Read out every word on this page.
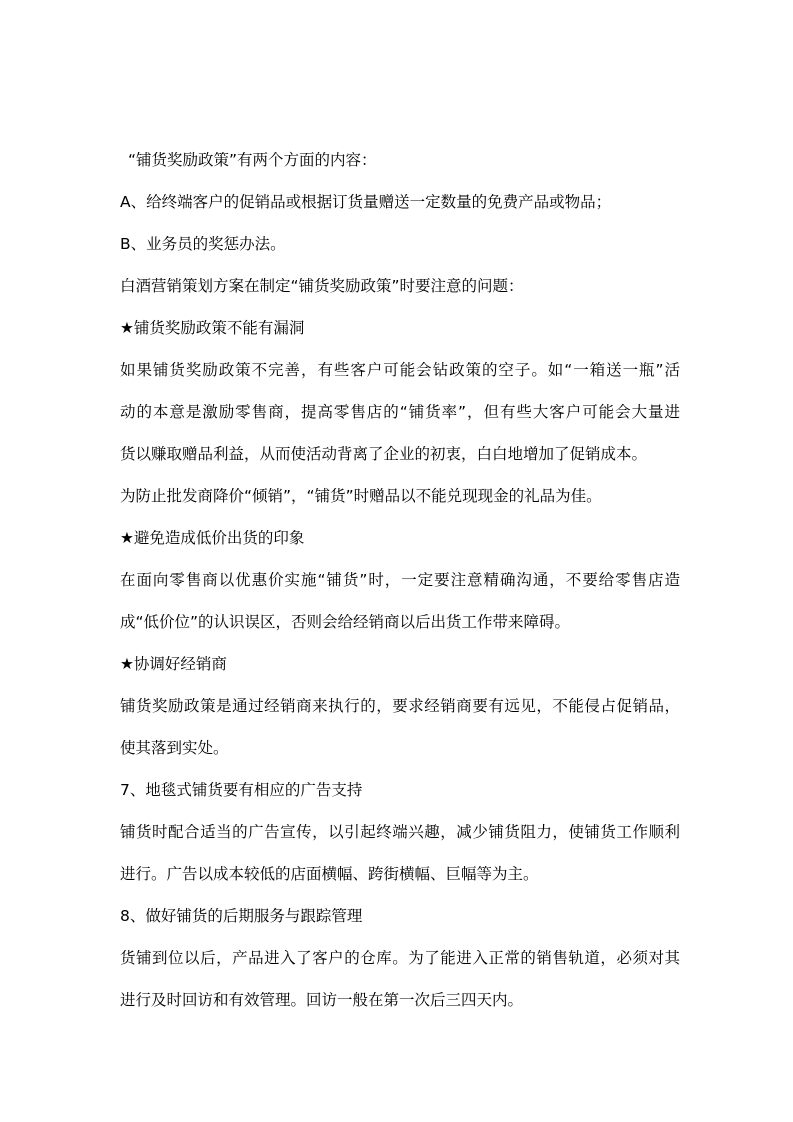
“铺货奖励政策”有两个方面的内容：
A、给终端客户的促销品或根据订货量赠送一定数量的免费产品或物品；
B、业务员的奖惩办法。
白酒营销策划方案在制定“铺货奖励政策”时要注意的问题：
★铺货奖励政策不能有漏洞
如果铺货奖励政策不完善，有些客户可能会钻政策的空子。如“一箱送一瓶”活
动的本意是激励零售商，提高零售店的“铺货率”，但有些大客户可能会大量进
货以赚取赠品利益，从而使活动背离了企业的初衷，白白地增加了促销成本。
为防止批发商降价“倾销”，“铺货”时赠品以不能兑现现金的礼品为佳。
★避免造成低价出货的印象
在面向零售商以优惠价实施“铺货”时，一定要注意精确沟通，不要给零售店造
成“低价位”的认识误区，否则会给经销商以后出货工作带来障碍。
★协调好经销商
铺货奖励政策是通过经销商来执行的，要求经销商要有远见，不能侵占促销品，
使其落到实处。
7、地毯式铺货要有相应的广告支持
铺货时配合适当的广告宣传，以引起终端兴趣，减少铺货阻力，使铺货工作顺利
进行。广告以成本较低的店面横幅、跨街横幅、巨幅等为主。
8、做好铺货的后期服务与跟踪管理
货铺到位以后，产品进入了客户的仓库。为了能进入正常的销售轨道，必须对其
进行及时回访和有效管理。回访一般在第一次后三四天内。
